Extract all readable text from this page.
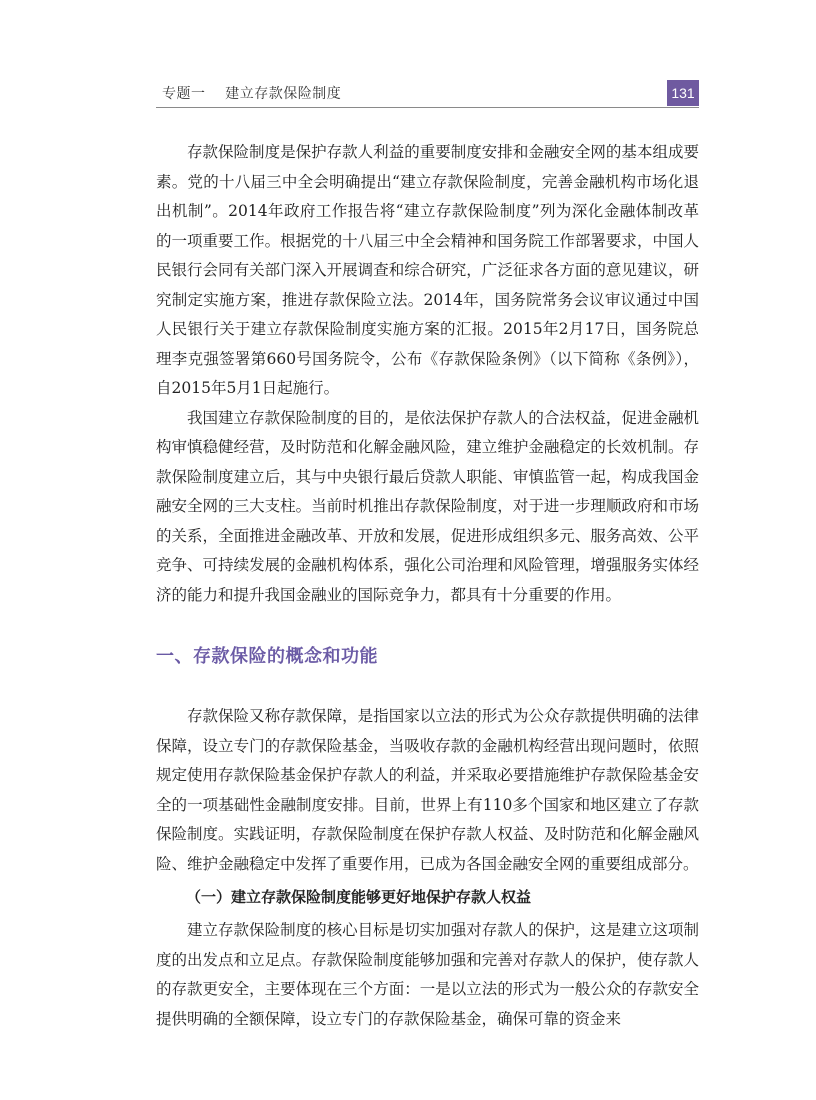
专题一    建立存款保险制度	131

存款保险制度是保护存款人利益的重要制度安排和金融安全网的基本组成要素。党的十八届三中全会明确提出“建立存款保险制度，完善金融机构市场化退出机制”。2014年政府工作报告将“建立存款保险制度”列为深化金融体制改革的一项重要工作。根据党的十八届三中全会精神和国务院工作部署要求，中国人民银行会同有关部门深入开展调查和综合研究，广泛征求各方面的意见建议，研究制定实施方案，推进存款保险立法。2014年，国务院常务会议审议通过中国人民银行关于建立存款保险制度实施方案的汇报。2015年2月17日，国务院总理李克强签署第660号国务院令，公布《存款保险条例》（以下简称《条例》），自2015年5月1日起施行。

我国建立存款保险制度的目的，是依法保护存款人的合法权益，促进金融机构审慎稳健经营，及时防范和化解金融风险，建立维护金融稳定的长效机制。存款保险制度建立后，其与中央银行最后贷款人职能、审慎监管一起，构成我国金融安全网的三大支柱。当前时机推出存款保险制度，对于进一步理顺政府和市场的关系，全面推进金融改革、开放和发展，促进形成组织多元、服务高效、公平竞争、可持续发展的金融机构体系，强化公司治理和风险管理，增强服务实体经济的能力和提升我国金融业的国际竞争力，都具有十分重要的作用。

一、存款保险的概念和功能

存款保险又称存款保障，是指国家以立法的形式为公众存款提供明确的法律保障，设立专门的存款保险基金，当吸收存款的金融机构经营出现问题时，依照规定使用存款保险基金保护存款人的利益，并采取必要措施维护存款保险基金安全的一项基础性金融制度安排。目前，世界上有110多个国家和地区建立了存款保险制度。实践证明，存款保险制度在保护存款人权益、及时防范和化解金融风险、维护金融稳定中发挥了重要作用，已成为各国金融安全网的重要组成部分。

（一）建立存款保险制度能够更好地保护存款人权益

建立存款保险制度的核心目标是切实加强对存款人的保护，这是建立这项制度的出发点和立足点。存款保险制度能够加强和完善对存款人的保护，使存款人的存款更安全，主要体现在三个方面：一是以立法的形式为一般公众的存款安全提供明确的全额保障，设立专门的存款保险基金，确保可靠的资金来
